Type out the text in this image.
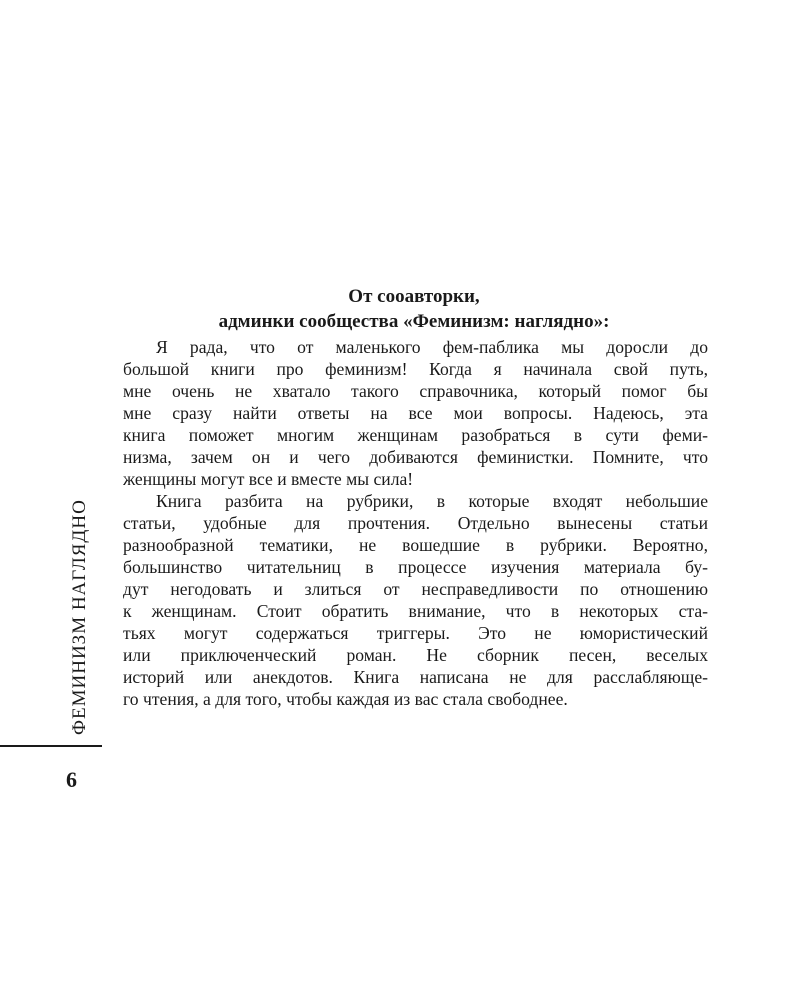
От сооавторки,
админки сообщества «Феминизм: наглядно»:
Я рада, что от маленького фем-паблика мы доросли до
большой книги про феминизм! Когда я начинала свой путь,
мне очень не хватало такого справочника, который помог бы
мне сразу найти ответы на все мои вопросы. Надеюсь, эта
книга поможет многим женщинам разобраться в сути феми-
низма, зачем он и чего добиваются феминистки. Помните, что
женщины могут все и вместе мы сила!
Книга разбита на рубрики, в которые входят небольшие
статьи, удобные для прочтения. Отдельно вынесены статьи
разнообразной тематики, не вошедшие в рубрики. Вероятно,
большинство читательниц в процессе изучения материала бу-
дут негодовать и злиться от несправедливости по отношению
к женщинам. Стоит обратить внимание, что в некоторых ста-
тьях могут содержаться триггеры. Это не юмористический
или приключенческий роман. Не сборник песен, веселых
историй или анекдотов. Книга написана не для расслабляюще-
го чтения, а для того, чтобы каждая из вас стала свободнее.
ФЕМИНИЗМ НАГЛЯДНО
6
